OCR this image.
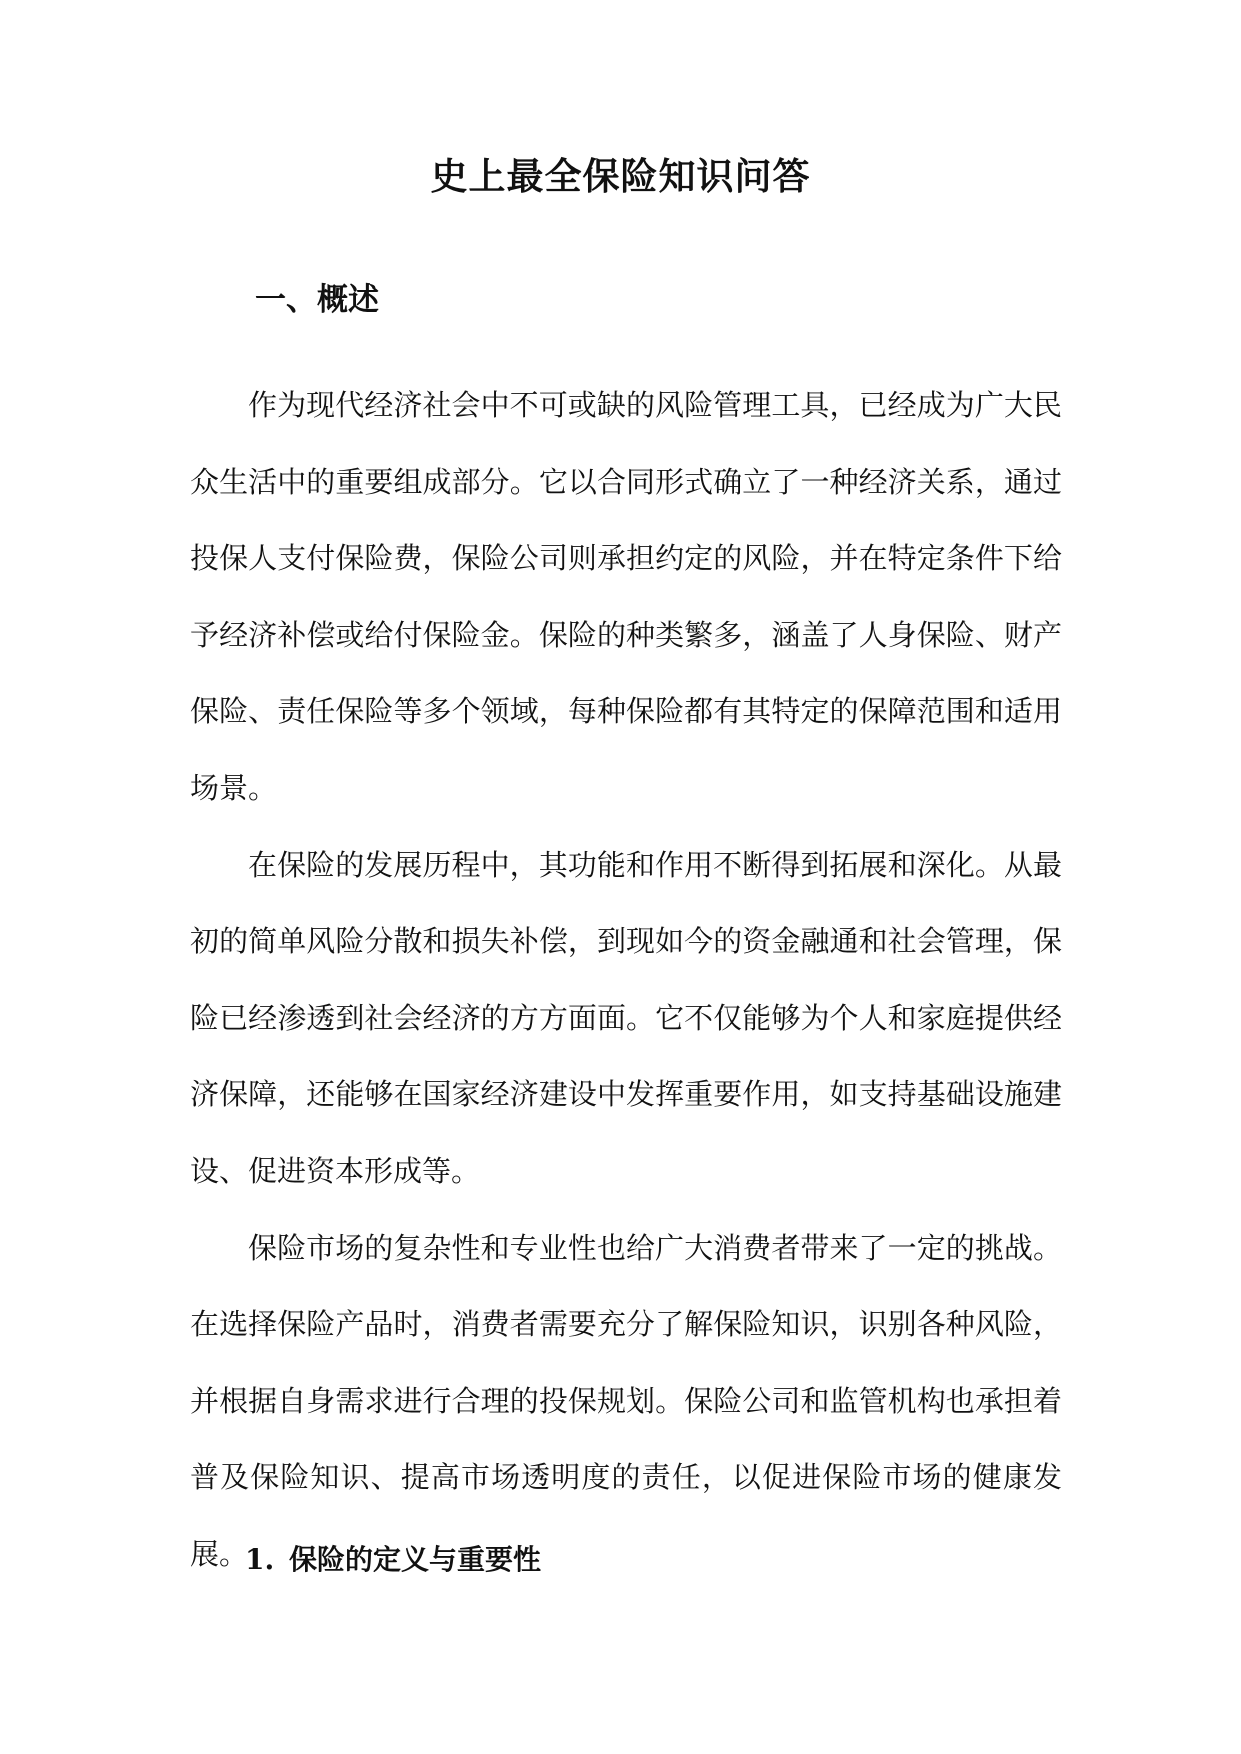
史上最全保险知识问答
一、概述

作为现代经济社会中不可或缺的风险管理工具，已经成为广大民众生活中的重要组成部分。它以合同形式确立了一种经济关系，通过投保人支付保险费，保险公司则承担约定的风险，并在特定条件下给予经济补偿或给付保险金。保险的种类繁多，涵盖了人身保险、财产保险、责任保险等多个领域，每种保险都有其特定的保障范围和适用场景。

在保险的发展历程中，其功能和作用不断得到拓展和深化。从最初的简单风险分散和损失补偿，到现如今的资金融通和社会管理，保险已经渗透到社会经济的方方面面。它不仅能够为个人和家庭提供经济保障，还能够在国家经济建设中发挥重要作用，如支持基础设施建设、促进资本形成等。

保险市场的复杂性和专业性也给广大消费者带来了一定的挑战。在选择保险产品时，消费者需要充分了解保险知识，识别各种风险，并根据自身需求进行合理的投保规划。保险公司和监管机构也承担着普及保险知识、提高市场透明度的责任，以促进保险市场的健康发展。

1. 保险的定义与重要性
